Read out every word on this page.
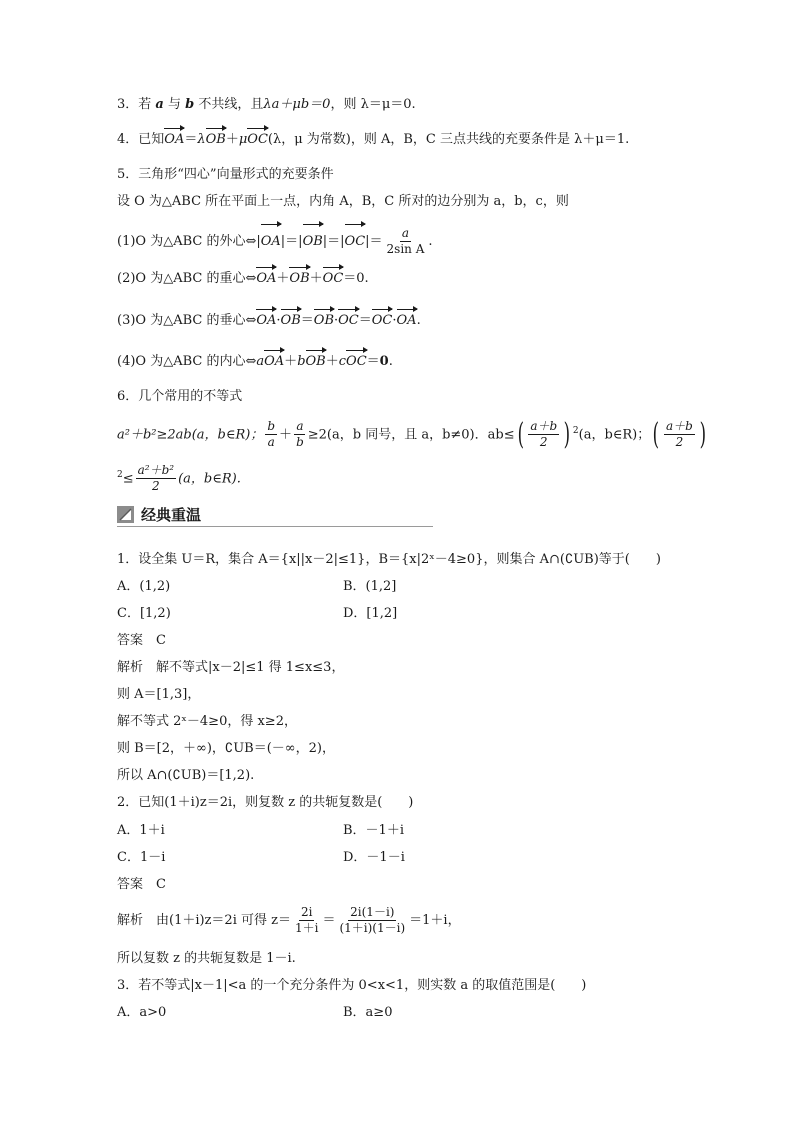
3．若 a 与 b 不共线，且λa＋μb＝0，则 λ＝μ＝0.
4．已知OA＝λOB＋μOC(λ，μ 为常数)，则 A，B，C 三点共线的充要条件是 λ＋μ＝1.
5．三角形“四心”向量形式的充要条件
设 O 为△ABC 所在平面上一点，内角 A，B，C 所对的边分别为 a，b，c，则
(1)O 为△ABC 的外心⇔|OA|＝|OB|＝|OC|＝ $\frac{a}{\text{2sin A}}$ .
(2)O 为△ABC 的重心⇔OA＋OB＋OC＝0.
(3)O 为△ABC 的垂心⇔OA·OB＝OB·OC＝OC·OA.
(4)O 为△ABC 的内心⇔aOA＋bOB＋cOC＝0.
6．几个常用的不等式
a²＋b²≥2ab(a，b∈R)； $\frac{b}{a} + \frac{a}{b} \ge 2(a$，b 同号，且 a，b≠0)．ab≤ ( $\frac{a+b}{2}$ ) $^2$(a，b∈R)； ( $\frac{a+b}{2}$ )
$^2\le \frac{\text{a²＋b²}}{2} (a$，b∈R).
经典重温
1．设全集 U＝R，集合 A＝{x||x－2|≤1}，B＝{x|2ˣ－4≥0}，则集合 A∩(∁UB)等于(　　)
A．(1,2)	B．(1,2]
C．[1,2)	D．[1,2]
答案　C
解析　解不等式|x－2|≤1 得 1≤x≤3，
则 A＝[1,3]，
解不等式 2ˣ－4≥0，得 x≥2，
则 B＝[2，＋∞)，∁UB＝(－∞，2)，
所以 A∩(∁UB)＝[1,2).
2．已知(1＋i)z＝2i，则复数 z 的共轭复数是(　　)
A．1＋i	B．－1＋i
C．1－i	D．－1－i
答案　C
解析　由(1＋i)z＝2i 可得 $z= \frac{2i}{1+i} = \frac{2i(1-i)}{(1+i)(1-i)} =1+i$，
所以复数 z 的共轭复数是 1－i.
3．若不等式|x－1|<a 的一个充分条件为 0<x<1，则实数 a 的取值范围是(　　)
A．a>0	B．a≥0
